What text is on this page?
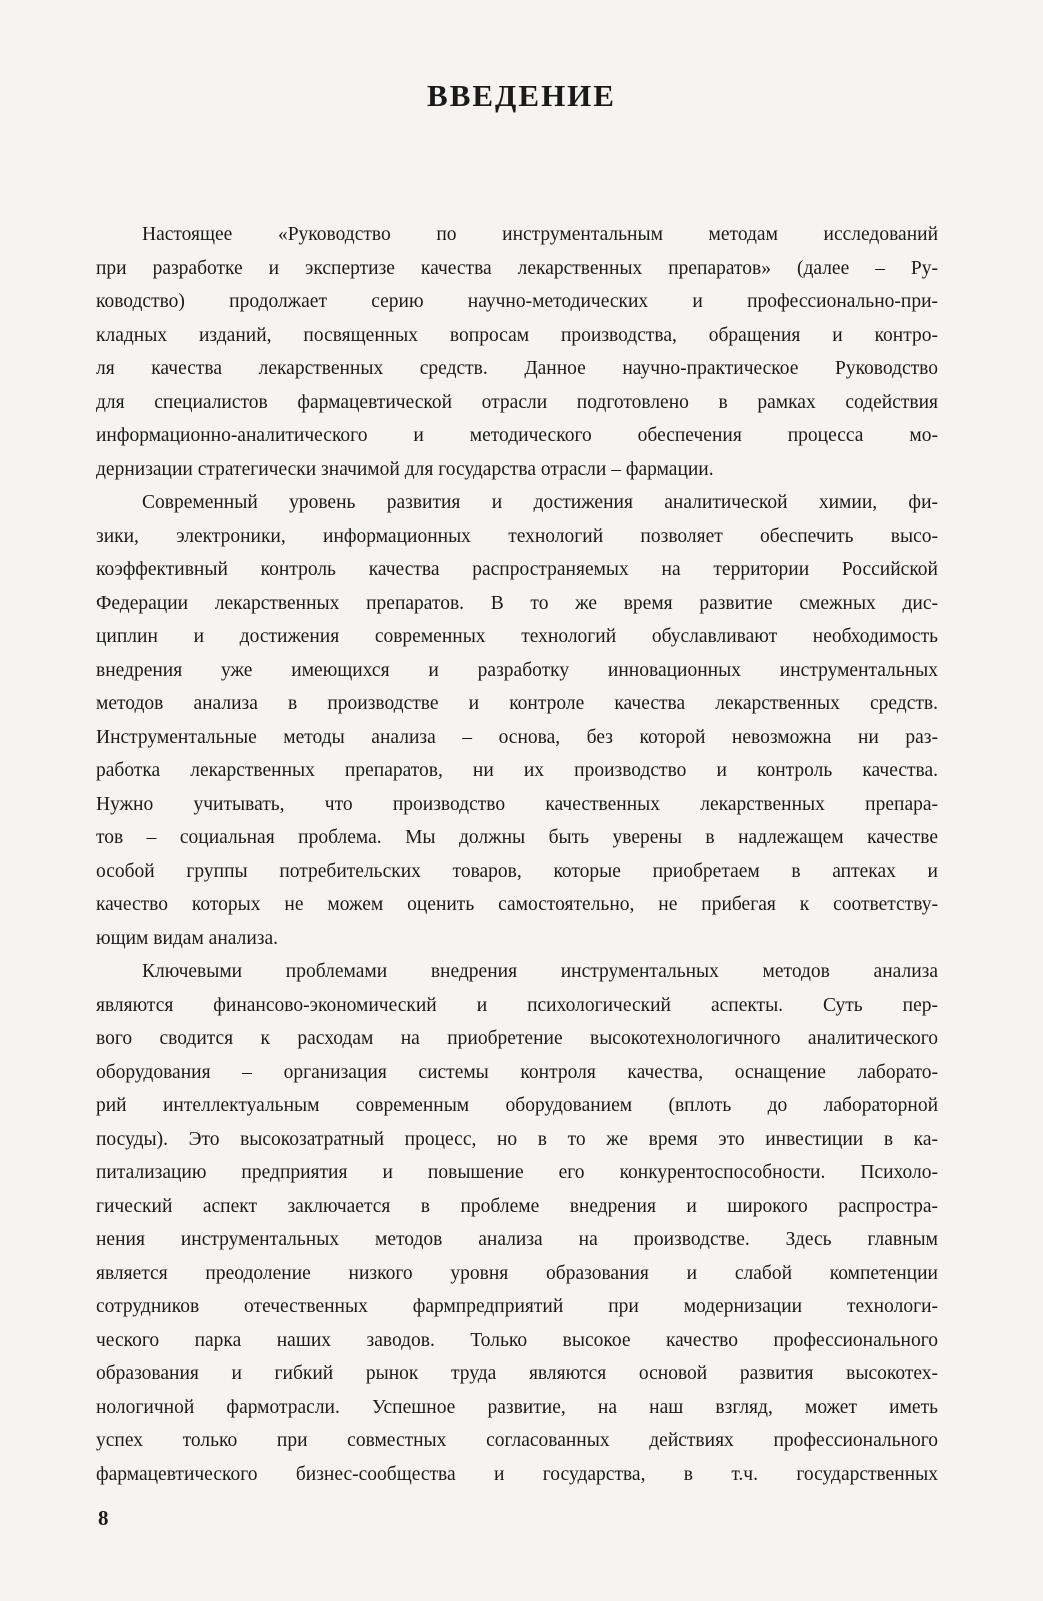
ВВЕДЕНИЕ
Настоящее «Руководство по инструментальным методам исследований
при разработке и экспертизе качества лекарственных препаратов» (далее – Ру-
ководство) продолжает серию научно-методических и профессионально-при-
кладных изданий, посвященных вопросам производства, обращения и контро-
ля качества лекарственных средств. Данное научно-практическое Руководство
для специалистов фармацевтической отрасли подготовлено в рамках содействия
информационно-аналитического и методического обеспечения процесса мо-
дернизации стратегически значимой для государства отрасли – фармации.
Современный уровень развития и достижения аналитической химии, фи-
зики, электроники, информационных технологий позволяет обеспечить высо-
коэффективный контроль качества распространяемых на территории Российской
Федерации лекарственных препаратов. В то же время развитие смежных дис-
циплин и достижения современных технологий обуславливают необходимость
внедрения уже имеющихся и разработку инновационных инструментальных
методов анализа в производстве и контроле качества лекарственных средств.
Инструментальные методы анализа – основа, без которой невозможна ни раз-
работка лекарственных препаратов, ни их производство и контроль качества.
Нужно учитывать, что производство качественных лекарственных препара-
тов – социальная проблема. Мы должны быть уверены в надлежащем качестве
особой группы потребительских товаров, которые приобретаем в аптеках и
качество которых не можем оценить самостоятельно, не прибегая к соответству-
ющим видам анализа.
Ключевыми проблемами внедрения инструментальных методов анализа
являются финансово-экономический и психологический аспекты. Суть пер-
вого сводится к расходам на приобретение высокотехнологичного аналитического
оборудования – организация системы контроля качества, оснащение лаборато-
рий интеллектуальным современным оборудованием (вплоть до лабораторной
посуды). Это высокозатратный процесс, но в то же время это инвестиции в ка-
питализацию предприятия и повышение его конкурентоспособности. Психоло-
гический аспект заключается в проблеме внедрения и широкого распростра-
нения инструментальных методов анализа на производстве. Здесь главным
является преодоление низкого уровня образования и слабой компетенции
сотрудников отечественных фармпредприятий при модернизации технологи-
ческого парка наших заводов. Только высокое качество профессионального
образования и гибкий рынок труда являются основой развития высокотех-
нологичной фармотрасли. Успешное развитие, на наш взгляд, может иметь
успех только при совместных согласованных действиях профессионального
фармацевтического бизнес-сообщества и государства, в т.ч. государственных
8
